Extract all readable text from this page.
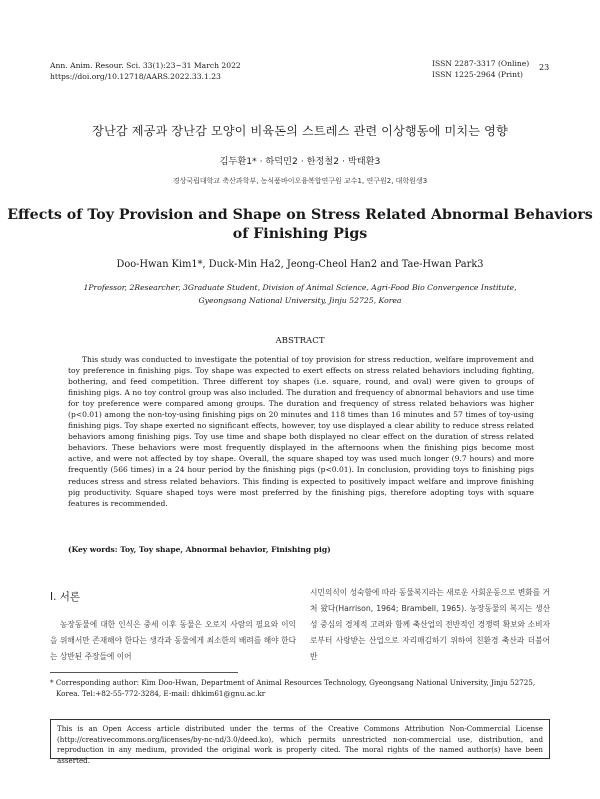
Ann. Anim. Resour. Sci. 33(1):23~31 March 2022
https://doi.org/10.12718/AARS.2022.33.1.23
ISSN 2287-3317 (Online)
ISSN 1225-2964 (Print)
23
장난감 제공과 장난감 모양이 비육돈의 스트레스 관련 이상행동에 미치는 영향
김두환1* · 하덕민2 · 한정철2 · 박태환3
경상국립대학교 축산과학부, 농식품바이오융복합연구원 교수1, 연구원2, 대학원생3
Effects of Toy Provision and Shape on Stress Related Abnormal Behaviors
of Finishing Pigs
Doo-Hwan Kim1*, Duck-Min Ha2, Jeong-Cheol Han2 and Tae-Hwan Park3
1Professor, 2Researcher, 3Graduate Student, Division of Animal Science, Agri-Food Bio Convergence Institute,
Gyeongsang National University, Jinju 52725, Korea
ABSTRACT

This study was conducted to investigate the potential of toy provision for stress reduction, welfare improvement and toy preference in finishing pigs. Toy shape was expected to exert effects on stress related behaviors including fighting, bothering, and feed competition. Three different toy shapes (i.e. square, round, and oval) were given to groups of finishing pigs. A no toy control group was also included. The duration and frequency of abnormal behaviors and use time for toy preference were compared among groups. The duration and frequency of stress related behaviors was higher (p<0.01) among the non-toy-using finishing pigs on 20 minutes and 118 times than 16 minutes and 57 times of toy-using finishing pigs. Toy shape exerted no significant effects, however, toy use displayed a clear ability to reduce stress related behaviors among finishing pigs. Toy use time and shape both displayed no clear effect on the duration of stress related behaviors. These behaviors were most frequently displayed in the afternoons when the finishing pigs become most active, and were not affected by toy shape. Overall, the square shaped toy was used much longer (9.7 hours) and more frequently (566 times) in a 24 hour period by the finishing pigs (p<0.01). In conclusion, providing toys to finishing pigs reduces stress and stress related behaviors. This finding is expected to positively impact welfare and improve finishing pig productivity. Square shaped toys were most preferred by the finishing pigs, therefore adopting toys with square features is recommended.

(Key words: Toy, Toy shape, Abnormal behavior, Finishing pig)
Ⅰ. 서론

농장동물에 대한 인식은 중세 이후 동물은 오로지 사람의 필요와 이익을 위해서만 존재해야 한다는 생각과 동물에게 최소한의 배려를 해야 한다는 상반된 주장들에 이어

시민의식이 성숙함에 따라 동물복지라는 새로운 사회운동으로 변화를 거쳐 왔다(Harrison, 1964; Brambell, 1965). 농장동물의 복지는 생산성 중심의 경제적 고려와 함께 축산업의 전반적인 경쟁력 확보와 소비자로부터 사랑받는 산업으로 자리매김하기 위하여 친환경 축산과 더불어 반

* Corresponding author: Kim Doo-Hwan, Department of Animal Resources Technology, Gyeongsang National University, Jinju 52725,
Korea. Tel:+82-55-772-3284, E-mail: dhkim61@gnu.ac.kr

This is an Open Access article distributed under the terms of the Creative Commons Attribution Non-Commercial License (http://creativecommons.org/licenses/by-nc-nd/3.0/deed.ko), which permits unrestricted non-commercial use, distribution, and reproduction in any medium, provided the original work is properly cited. The moral rights of the named author(s) have been asserted.
